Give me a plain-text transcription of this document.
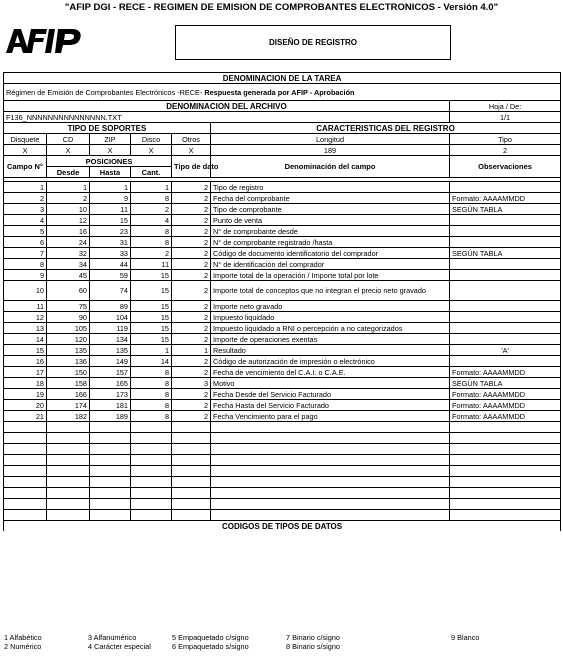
"AFIP DGI - RECE - REGIMEN DE EMISION DE COMPROBANTES ELECTRONICOS - Versión 4.0"
DISEÑO DE REGISTRO
DENOMINACION DE LA TAREA						
Régimen de Emisión de Comprobantes Electrónicos -RECE- Respuesta generada por AFIP - Aprobación						
DENOMINACION DEL ARCHIVO						Hoja / De:
F136_NNNNNNNNNNNNNNN.TXT						1/1
TIPO DE SOPORTES					CARACTERISTICAS DEL REGISTRO	
Disquete	CD	ZIP	Disco	Otros	Longitud	Tipo
X	X	X	X	X	189	2
Campo N°	POSICIONES			Tipo de dato	Denominación del campo	Observaciones
	Desde	Hasta	Cant.			

1	1	1	1	2	Tipo de registro	
2	2	9	8	2	Fecha del comprobante	Formato: AAAAMMDD
3	10	11	2	2	Tipo de comprobante	SEGÚN TABLA
4	12	15	4	2	Punto de venta	
5	16	23	8	2	N° de comprobante desde	
6	24	31	8	2	N° de comprobante registrado /hasta	
7	32	33	2	2	Código de documento identificatorio del comprador	SEGÚN TABLA
8	34	44	11	2	N° de identificación del comprador	
9	45	59	15	2	Importe total de la operación / Importe total por lote	
10	60	74	15	2	Importe total de conceptos que no integran el precio neto gravado	
11	75	89	15	2	Importe neto gravado	
12	90	104	15	2	Impuesto liquidado	
13	105	119	15	2	Impuesto liquidado a RNI o percepción a no categorizados	
14	120	134	15	2	Importe de operaciones exentas	
15	135	135	1	1	Resultado	'A'
16	136	149	14	2	Código de autorización de impresión o electrónico	
17	150	157	8	2	Fecha de vencimiento del C.A.I. o C.A.E.	Formato: AAAAMMDD
18	158	165	8	3	Motivo	SEGÚN TABLA
19	166	173	8	2	Fecha Desde del Servicio Facturado	Formato: AAAAMMDD
20	174	181	8	2	Fecha Hasta del Servicio Facturado	Formato: AAAAMMDD
21	182	189	8	2	Fecha Vencimiento para el pago	Formato: AAAAMMDD

CODIGOS DE TIPOS DE DATOS						
1 Alfabético	3 Alfanumérico	5 Empaquetado c/signo	7 Binario c/signo	9 Blanco
2 Numérico	4 Carácter especial	6 Empaquetado s/signo	8 Binario s/signo
